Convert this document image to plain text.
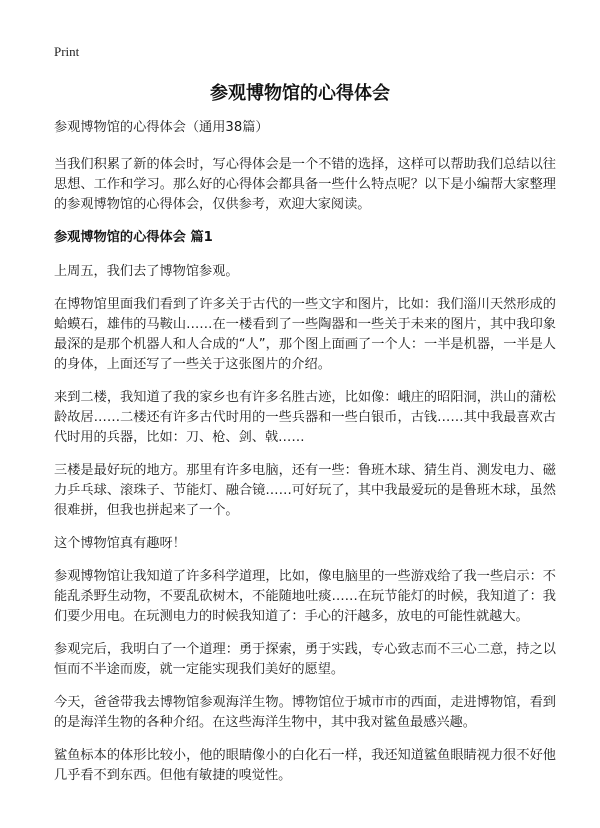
Print
参观博物馆的心得体会

参观博物馆的心得体会（通用38篇）

当我们积累了新的体会时，写心得体会是一个不错的选择，这样可以帮助我们总结以往思想、工作和学习。那么好的心得体会都具备一些什么特点呢？以下是小编帮大家整理的参观博物馆的心得体会，仅供参考，欢迎大家阅读。

参观博物馆的心得体会 篇1

上周五，我们去了博物馆参观。

在博物馆里面我们看到了许多关于古代的一些文字和图片，比如：我们淄川天然形成的蛤蟆石，雄伟的马鞍山……在一楼看到了一些陶器和一些关于未来的图片，其中我印象最深的是那个机器人和人合成的“人”，那个图上面画了一个人：一半是机器，一半是人的身体，上面还写了一些关于这张图片的介绍。

来到二楼，我知道了我的家乡也有许多名胜古迹，比如像：峨庄的昭阳洞，洪山的蒲松龄故居……二楼还有许多古代时用的一些兵器和一些白银币，古钱……其中我最喜欢古代时用的兵器，比如：刀、枪、剑、戟……

三楼是最好玩的地方。那里有许多电脑，还有一些：鲁班木球、猜生肖、测发电力、磁力乒乓球、滚珠子、节能灯、融合镜……可好玩了，其中我最爱玩的是鲁班木球，虽然很难拼，但我也拼起来了一个。

这个博物馆真有趣呀！

参观博物馆让我知道了许多科学道理，比如，像电脑里的一些游戏给了我一些启示：不能乱杀野生动物，不要乱砍树木，不能随地吐痰……在玩节能灯的时候，我知道了：我们要少用电。在玩测电力的时候我知道了：手心的汗越多，放电的可能性就越大。

参观完后，我明白了一个道理：勇于探索，勇于实践，专心致志而不三心二意，持之以恒而不半途而废，就一定能实现我们美好的愿望。

今天，爸爸带我去博物馆参观海洋生物。博物馆位于城市市的西面，走进博物馆，看到的是海洋生物的各种介绍。在这些海洋生物中，其中我对鲨鱼最感兴趣。

鲨鱼标本的体形比较小，他的眼睛像小的白化石一样，我还知道鲨鱼眼睛视力很不好他几乎看不到东西。但他有敏捷的嗅觉性。
